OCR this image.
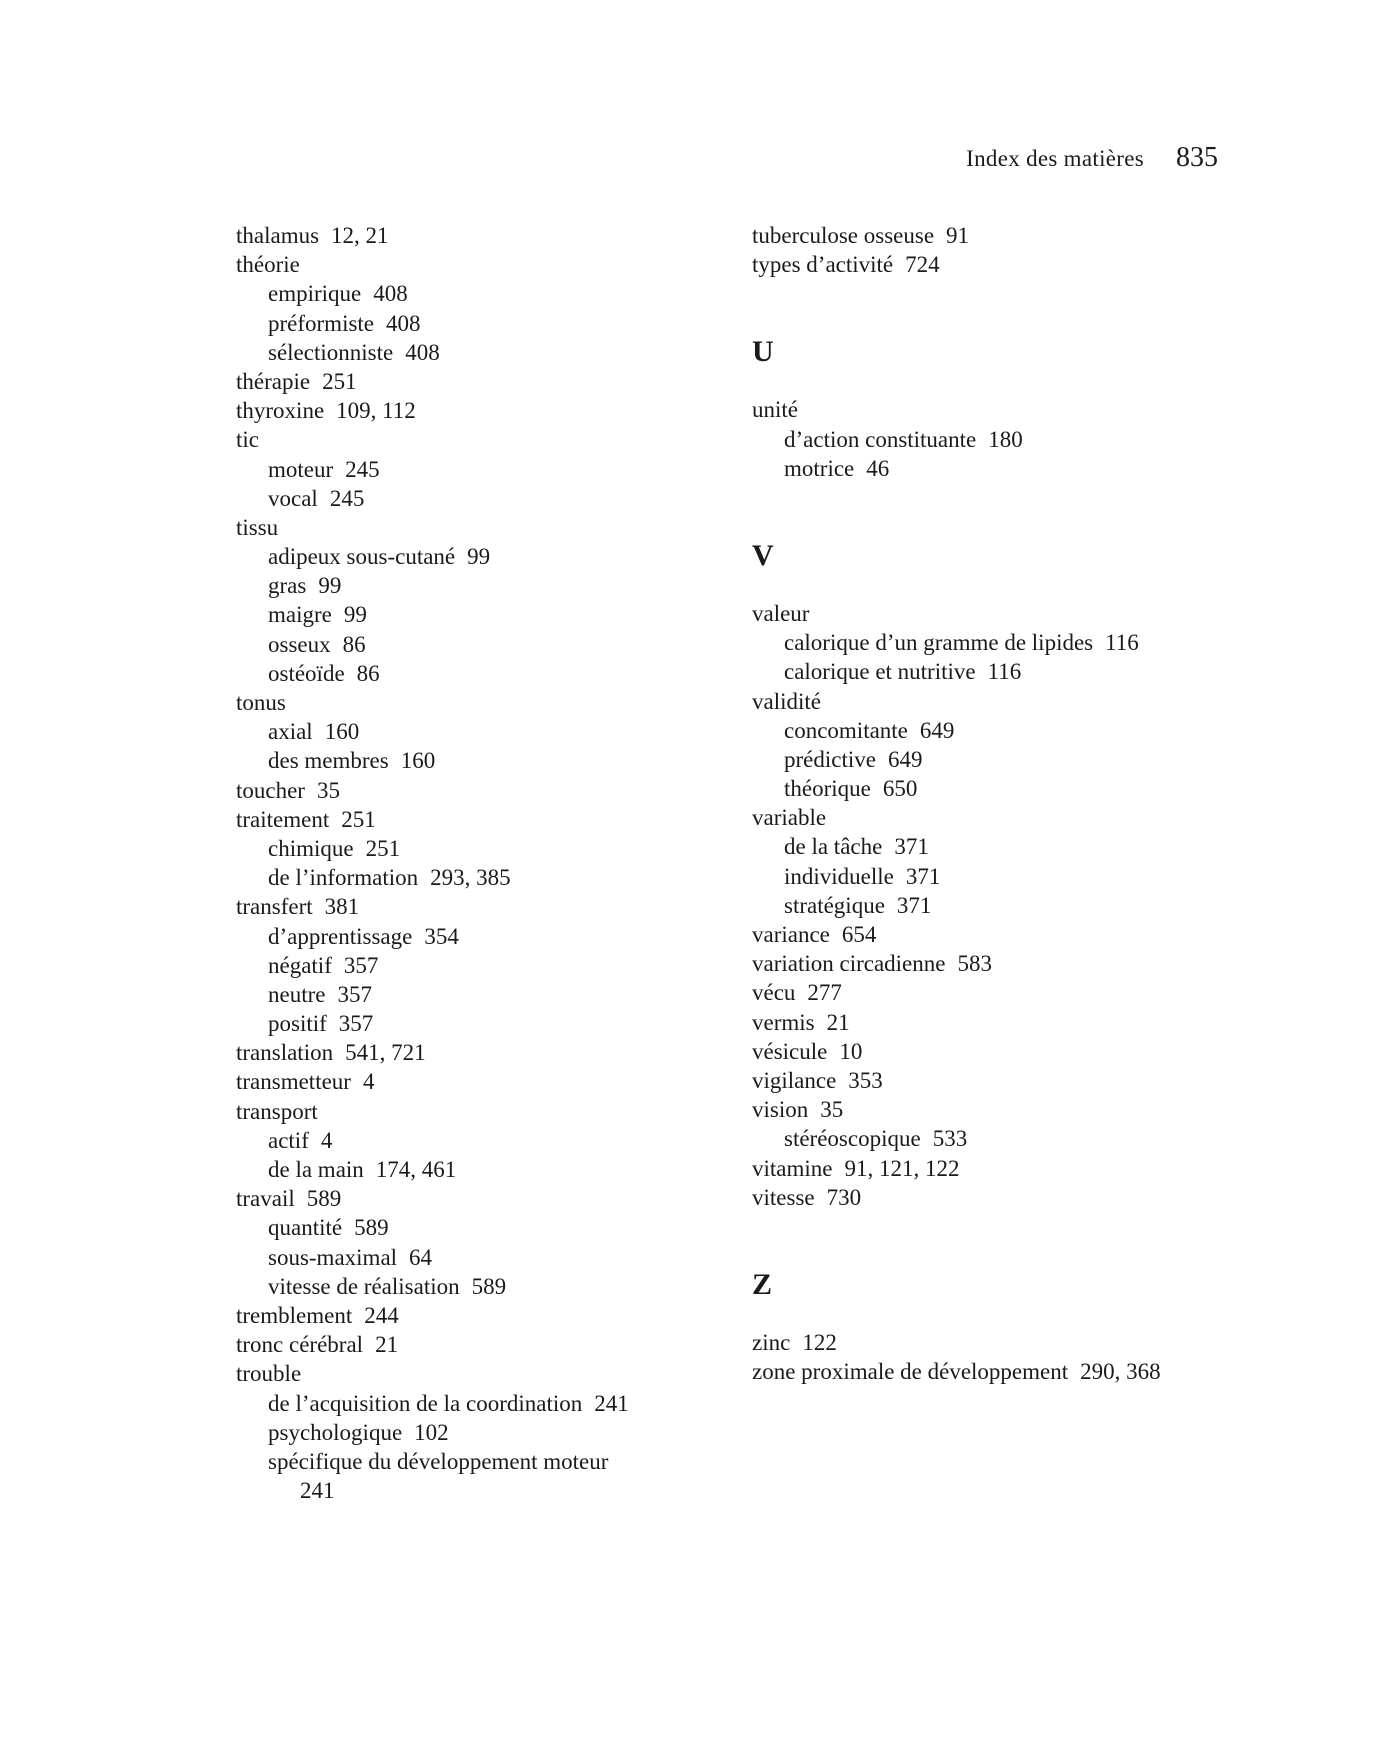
Index des matières 835
thalamus 12, 21
théorie
empirique 408
préformiste 408
sélectionniste 408
thérapie 251
thyroxine 109, 112
tic
moteur 245
vocal 245
tissu
adipeux sous-cutané 99
gras 99
maigre 99
osseux 86
ostéoïde 86
tonus
axial 160
des membres 160
toucher 35
traitement 251
chimique 251
de l’information 293, 385
transfert 381
d’apprentissage 354
négatif 357
neutre 357
positif 357
translation 541, 721
transmetteur 4
transport
actif 4
de la main 174, 461
travail 589
quantité 589
sous-maximal 64
vitesse de réalisation 589
tremblement 244
tronc cérébral 21
trouble
de l’acquisition de la coordination 241
psychologique 102
spécifique du développement moteur
241
tuberculose osseuse 91
types d’activité 724
U
unité
d’action constituante 180
motrice 46
V
valeur
calorique d’un gramme de lipides 116
calorique et nutritive 116
validité
concomitante 649
prédictive 649
théorique 650
variable
de la tâche 371
individuelle 371
stratégique 371
variance 654
variation circadienne 583
vécu 277
vermis 21
vésicule 10
vigilance 353
vision 35
stéréoscopique 533
vitamine 91, 121, 122
vitesse 730
Z
zinc 122
zone proximale de développement 290, 368
